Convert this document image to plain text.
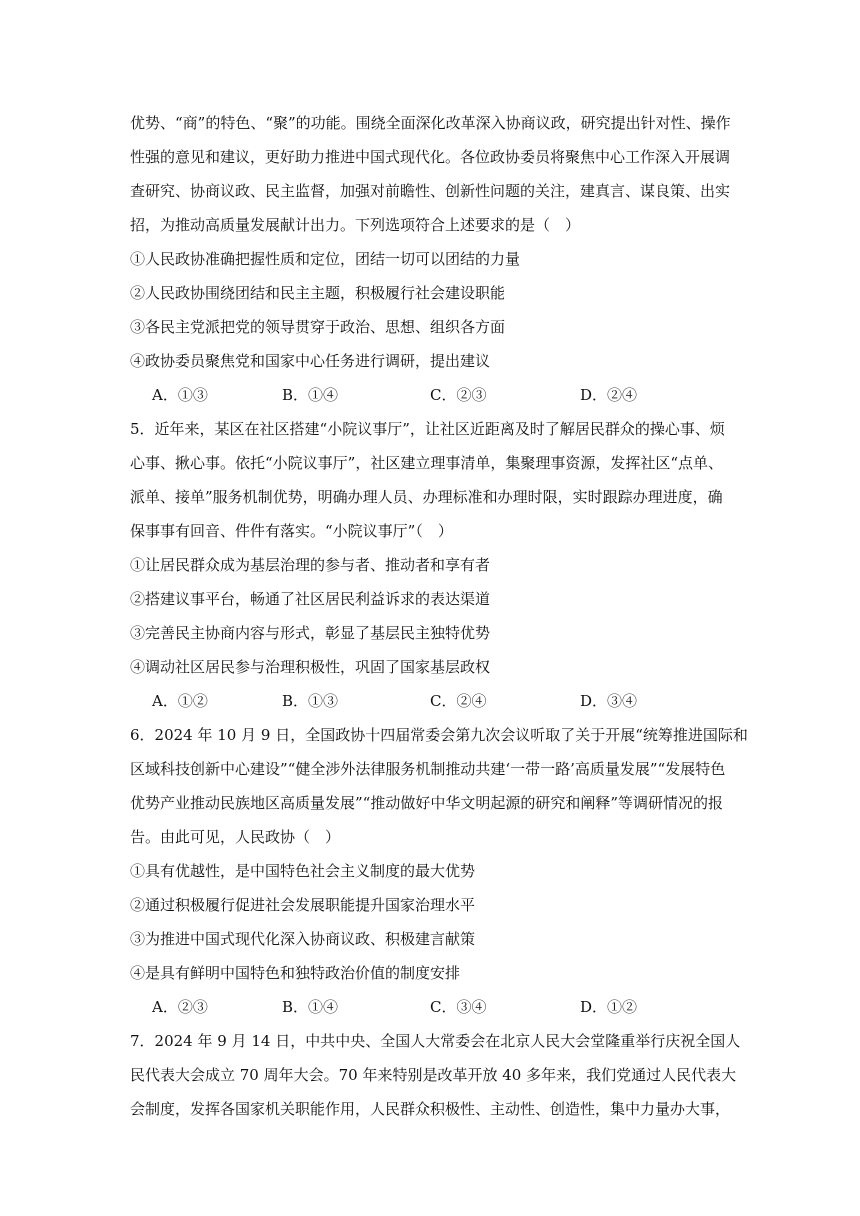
优势、“商”的特色、“聚”的功能。围绕全面深化改革深入协商议政，研究提出针对性、操作

性强的意见和建议，更好助力推进中国式现代化。各位政协委员将聚焦中心工作深入开展调

查研究、协商议政、民主监督，加强对前瞻性、创新性问题的关注，建真言、谋良策、出实

招，为推动高质量发展献计出力。下列选项符合上述要求的是（　）

①人民政协准确把握性质和定位，团结一切可以团结的力量

②人民政协围绕团结和民主主题，积极履行社会建设职能

③各民主党派把党的领导贯穿于政治、思想、组织各方面

④政协委员聚焦党和国家中心任务进行调研，提出建议

A．①③	B．①④	C．②③	D．②④

5．近年来，某区在社区搭建“小院议事厅”，让社区近距离及时了解居民群众的操心事、烦

心事、揪心事。依托“小院议事厅”，社区建立理事清单，集聚理事资源，发挥社区“点单、

派单、接单”服务机制优势，明确办理人员、办理标准和办理时限，实时跟踪办理进度，确

保事事有回音、件件有落实。“小院议事厅”（　）

①让居民群众成为基层治理的参与者、推动者和享有者

②搭建议事平台，畅通了社区居民利益诉求的表达渠道

③完善民主协商内容与形式，彰显了基层民主独特优势

④调动社区居民参与治理积极性，巩固了国家基层政权

A．①②	B．①③	C．②④	D．③④

6．2024 年 10 月 9 日，全国政协十四届常委会第九次会议听取了关于开展“统筹推进国际和

区域科技创新中心建设”“健全涉外法律服务机制推动共建‘一带一路’高质量发展”“发展特色

优势产业推动民族地区高质量发展”“推动做好中华文明起源的研究和阐释”等调研情况的报

告。由此可见，人民政协（　）

①具有优越性，是中国特色社会主义制度的最大优势

②通过积极履行促进社会发展职能提升国家治理水平

③为推进中国式现代化深入协商议政、积极建言献策

④是具有鲜明中国特色和独特政治价值的制度安排

A．②③	B．①④	C．③④	D．①②

7．2024 年 9 月 14 日，中共中央、全国人大常委会在北京人民大会堂隆重举行庆祝全国人

民代表大会成立 70 周年大会。70 年来特别是改革开放 40 多年来，我们党通过人民代表大

会制度，发挥各国家机关职能作用，人民群众积极性、主动性、创造性，集中力量办大事，
